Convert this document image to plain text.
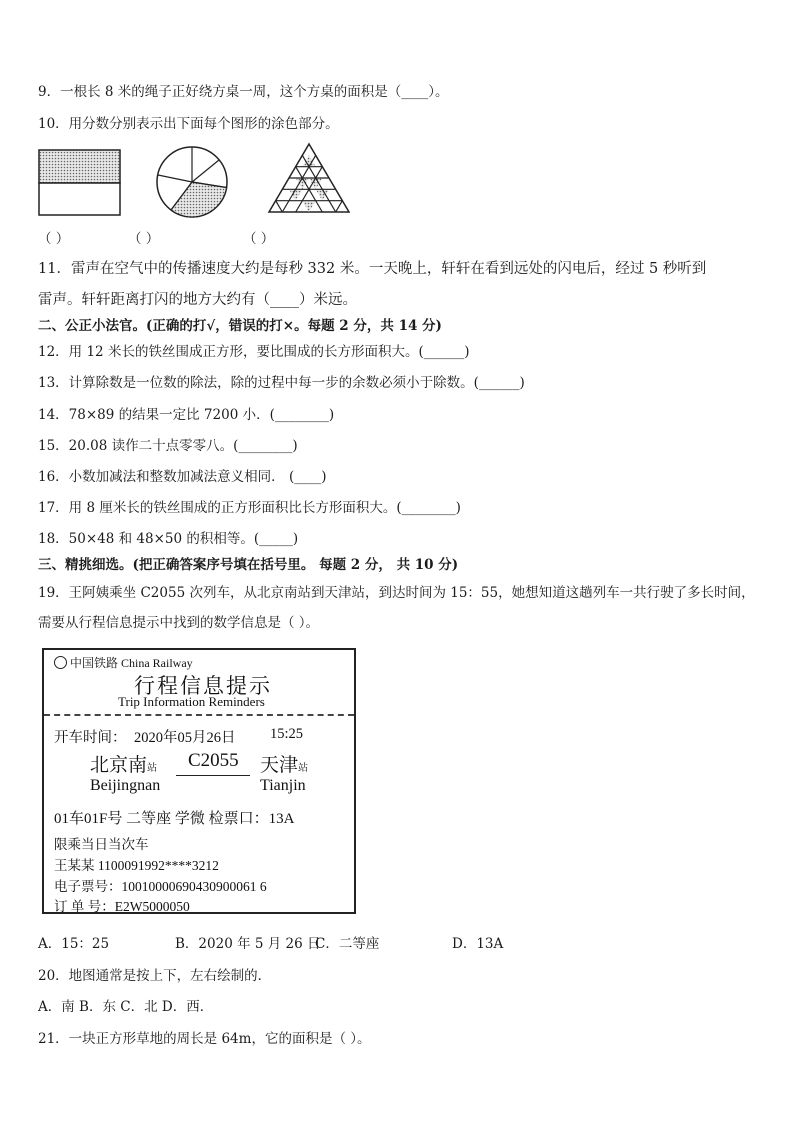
9．一根长 8 米的绳子正好绕方桌一周，这个方桌的面积是（____）。
10．用分数分别表示出下面每个图形的涂色部分。
（ ）	（ ）	（ ）
11．雷声在空气中的传播速度大约是每秒 332 米。一天晚上，轩轩在看到远处的闪电后，经过 5 秒听到
雷声。轩轩距离打闪的地方大约有（____）米远。
二、公正小法官。(正确的打√，错误的打×。每题 2 分，共 14 分)
12．用 12 米长的铁丝围成正方形，要比围成的长方形面积大。(______)
13．计算除数是一位数的除法，除的过程中每一步的余数必须小于除数。(______)
14．78×89 的结果一定比 7200 小．(________)
15．20.08 读作二十点零零八。(________)
16．小数加减法和整数加减法意义相同． (____)
17．用 8 厘米长的铁丝围成的正方形面积比长方形面积大。(________)
18．50×48 和 48×50 的积相等。(_____)
三、精挑细选。(把正确答案序号填在括号里。 每题 2 分， 共 10 分)
19．王阿姨乘坐 C2055 次列车，从北京南站到天津站，到达时间为 15：55，她想知道这趟列车一共行驶了多长时间，
需要从行程信息提示中找到的数学信息是（ ）。
中国铁路 China Railway
行程信息提示
Trip Information Reminders
开车时间： 2020年05月26日 15:25
北京南站
Beijingnan
C2055 天津站
Tianjin
01车01F号 二等座 学微 检票口：13A
限乘当日当次车
王某某 1100091992****3212
电子票号：10010000690430900061 6
订 单 号：E2W5000050
A．15：25	B．2020 年 5 月 26 日
C．二等座	D．13A
20．地图通常是按上下，左右绘制的．
A．南 B．东 C．北 D．西．
21．一块正方形草地的周长是 64m，它的面积是（ ）。
